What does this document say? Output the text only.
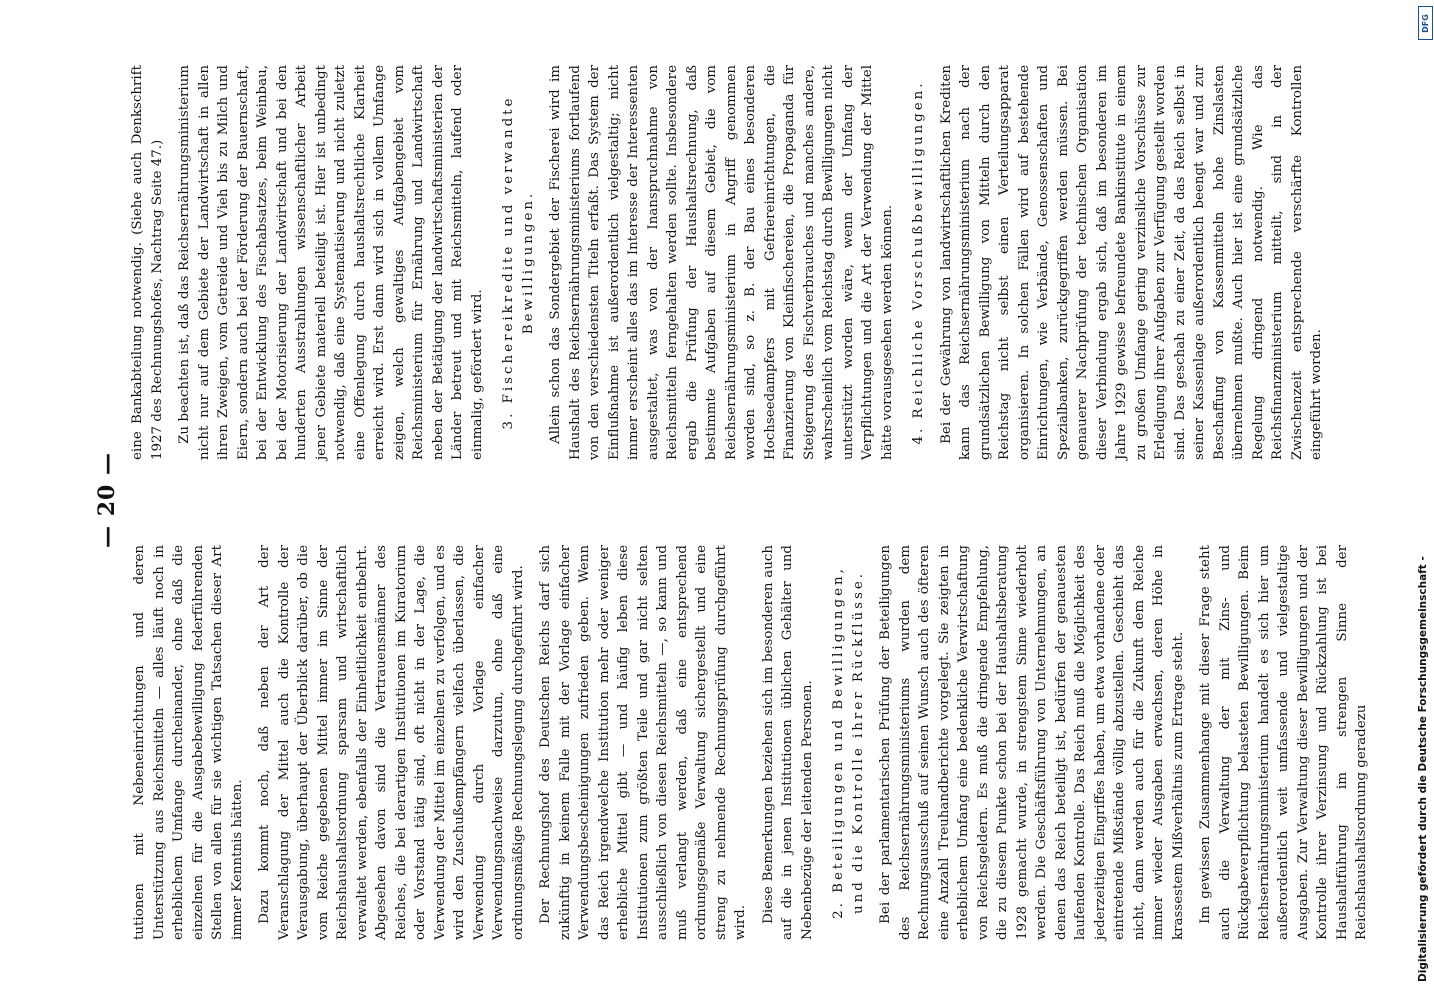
— 20 —

tutionen mit Nebeneinrichtungen und deren Unterstützung aus Reichsmitteln — alles läuft noch in erheblichem Umfange durcheinander, ohne daß die einzelnen für die Ausgabebewilligung federführenden Stellen von allen für sie wichtigen Tatsachen dieser Art immer Kenntnis hätten. Dazu kommt noch, daß neben der Art der Veranschlagung der Mittel auch die Kontrolle der Verausgabung, überhaupt der Überblick darüber, ob die vom Reiche gegebenen Mittel immer im Sinne der Reichshaushaltsordnung sparsam und wirtschaftlich verwaltet werden, ebenfalls der Einheitlichkeit entbehrt. Abgesehen davon sind die Vertrauensmänner des Reiches, die bei derartigen Institutionen im Kuratorium oder Vorstand tätig sind, oft nicht in der Lage, die Verwendung der Mittel im einzelnen zu verfolgen, und es wird den Zuschußempfängern vielfach überlassen, die Verwendung durch Vorlage einfacher Verwendungsnachweise darzutun, ohne daß eine ordnungsmäßige Rechnungslegung durchgeführt wird. Der Rechnungshof des Deutschen Reichs darf sich zukünftig in keinem Falle mit der Vorlage einfacher Verwendungsbescheinigungen zufrieden geben. Wenn das Reich irgendwelche Institution mehr oder weniger erhebliche Mittel gibt — und häufig leben diese Institutionen zum größten Teile und gar nicht selten ausschließlich von diesen Reichsmitteln —, so kann und muß verlangt werden, daß eine entsprechend ordnungsgemäße Verwaltung sichergestellt und eine streng zu nehmende Rechnungsprüfung durchgeführt wird. Diese Bemerkungen beziehen sich im besonderen auch auf die in jenen Institutionen üblichen Gehälter und Nebenbezüge der leitenden Personen. 2. Beteiligungen und Bewilligungen, und die Kontrolle ihrer Rückflüsse. Bei der parlamentarischen Prüfung der Beteiligungen des Reichsernährungsministeriums wurden dem Rechnungsausschuß auf seinen Wunsch auch des öfteren eine Anzahl Treuhandberichte vorgelegt. Sie zeigten in erheblichem Umfang eine bedenkliche Verwirtschaftung von Reichsgeldern. Es muß die dringende Empfehlung, die zu diesem Punkte schon bei der Haushaltsberatung 1928 gemacht wurde, in strengstem Sinne wiederholt werden. Die Geschäftsführung von Unternehmungen, an denen das Reich beteiligt ist, bedürfen der genauesten laufenden Kontrolle. Das Reich muß die Möglichkeit des jederzeitigen Eingriffes haben, um etwa vorhandene oder eintretende Mißstände völlig abzustellen. Geschieht das nicht, dann werden auch für die Zukunft dem Reiche immer wieder Ausgaben erwachsen, deren Höhe in krassestem Mißverhältnis zum Ertrage steht. Im gewissen Zusammenhange mit dieser Frage steht auch die Verwaltung der mit Zins- und Rückgabeverpflichtung belasteten Bewilligungen. Beim Reichsernährungsministerium handelt es sich hier um außerordentlich weit umfassende und vielgestaltige Ausgaben. Zur Verwaltung dieser Bewilligungen und der Kontrolle ihrer Verzinsung und Rückzahlung ist bei Haushaltführung im strengen Sinne der Reichshaushaltsordnung geradezu

eine Bankabteilung notwendig. (Siehe auch Denkschrift 1927 des Rechnungshofes, Nachtrag Seite 47.) Zu beachten ist, daß das Reichsernährungsministerium nicht nur auf dem Gebiete der Landwirtschaft in allen ihren Zweigen, vom Getreide und Vieh bis zu Milch und Eiern, sondern auch bei der Förderung der Bauernschaft, bei der Entwicklung des Fischabsatzes, beim Weinbau, bei der Motorisierung der Landwirtschaft und bei den hunderten Ausstrahlungen wissenschaftlicher Arbeit jener Gebiete materiell beteiligt ist. Hier ist unbedingt notwendig, daß eine Systematisierung und nicht zuletzt eine Offenlegung durch haushaltsrechtliche Klarheit erreicht wird. Erst dann wird sich in vollem Umfange zeigen, welch gewaltiges Aufgabengebiet vom Reichsministerium für Ernährung und Landwirtschaft neben der Betätigung der landwirtschaftsministerien der Länder betreut und mit Reichsmitteln, laufend oder einmalig, gefördert wird. 3. Fischereikredite und verwandte Bewilligungen. Allein schon das Sondergebiet der Fischerei wird im Haushalt des Reichsernährungsministeriums fortlaufend von den verschiedensten Titeln erfaßt. Das System der Einflußnahme ist außerordentlich vielgestaltig; nicht immer erscheint alles das im Interesse der Interessenten ausgestaltet, was von der Inanspruchnahme von Reichsmitteln ferngehalten werden sollte. Insbesondere ergab die Prüfung der Haushaltsrechnung, daß bestimmte Aufgaben auf diesem Gebiet, die vom Reichsernährungsministerium in Angriff genommen worden sind, so z. B. der Bau eines besonderen Hochseedampfers mit Gefriereinrichtungen, die Finanzierung von Kleinfischereien, die Propaganda für Steigerung des Fischverbrauches und manches andere, wahrscheinlich vom Reichstag durch Bewilligungen nicht unterstützt worden wäre, wenn der Umfang der Verpflichtungen und die Art der Verwendung der Mittel hätte vorausgesehen werden können. 4. Reichliche Vorschußbewilligungen. Bei der Gewährung von landwirtschaftlichen Krediten kann das Reichsernährungsministerium nach der grundsätzlichen Bewilligung von Mitteln durch den Reichstag nicht selbst einen Verteilungsapparat organisieren. In solchen Fällen wird auf bestehende Einrichtungen, wie Verbände, Genossenschaften und Spezialbanken, zurückgegriffen werden müssen. Bei genauerer Nachprüfung der technischen Organisation dieser Verbindung ergab sich, daß im besonderen im Jahre 1929 gewisse befreundete Bankinstitute in einem zu großen Umfange gering verzinsliche Vorschüsse zur Erledigung ihrer Aufgaben zur Verfügung gestellt worden sind. Das geschah zu einer Zeit, da das Reich selbst in seiner Kassenlage außerordentlich beengt war und zur Beschaffung von Kassenmitteln hohe Zinslasten übernehmen mußte. Auch hier ist eine grundsätzliche Regelung dringend notwendig. Wie das Reichsfinanzministerium mitteilt, sind in der Zwischenzeit entsprechende verschärfte Kontrollen eingeführt worden.

Digitalisierung gefördert durch die Deutsche Forschungsgemeinschaft -
DFG
